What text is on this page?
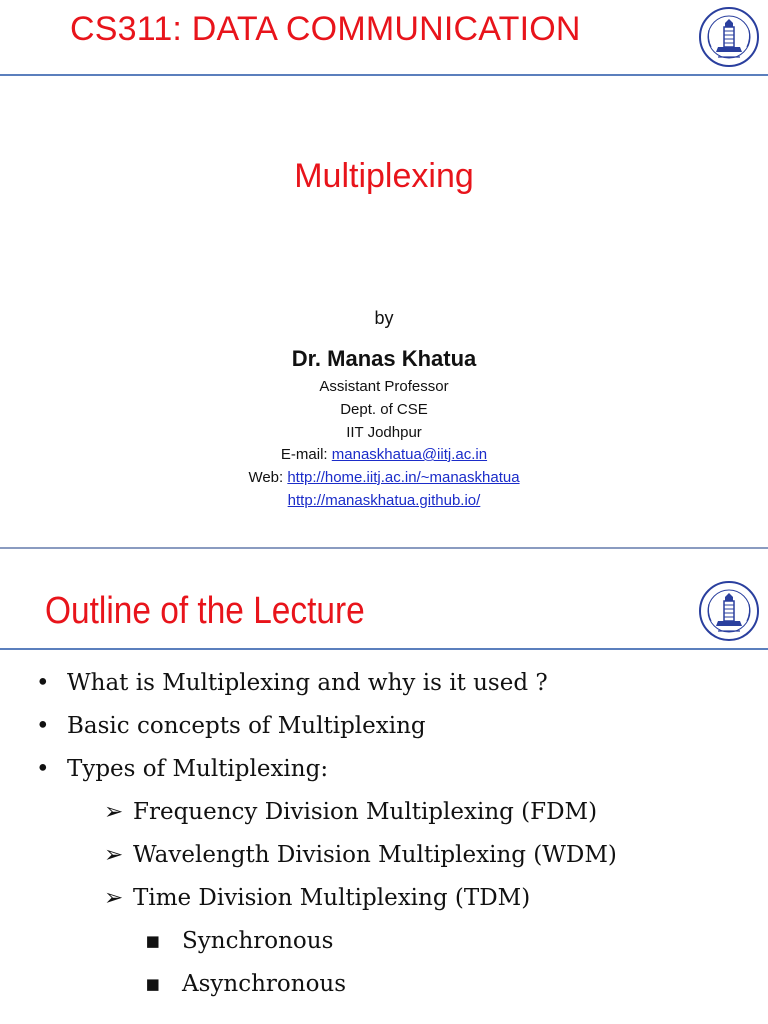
CS311: DATA COMMUNICATION
Multiplexing
by
Dr. Manas Khatua
Assistant Professor
Dept. of CSE
IIT Jodhpur
E-mail: manaskhatua@iitj.ac.in
Web: http://home.iitj.ac.in/~manaskhatua
http://manaskhatua.github.io/
Outline of the Lecture
• What is Multiplexing and why is it used ?
• Basic concepts of Multiplexing
• Types of Multiplexing:
➢ Frequency Division Multiplexing (FDM)
➢ Wavelength Division Multiplexing (WDM)
➢ Time Division Multiplexing (TDM)
▪ Synchronous
▪ Asynchronous
